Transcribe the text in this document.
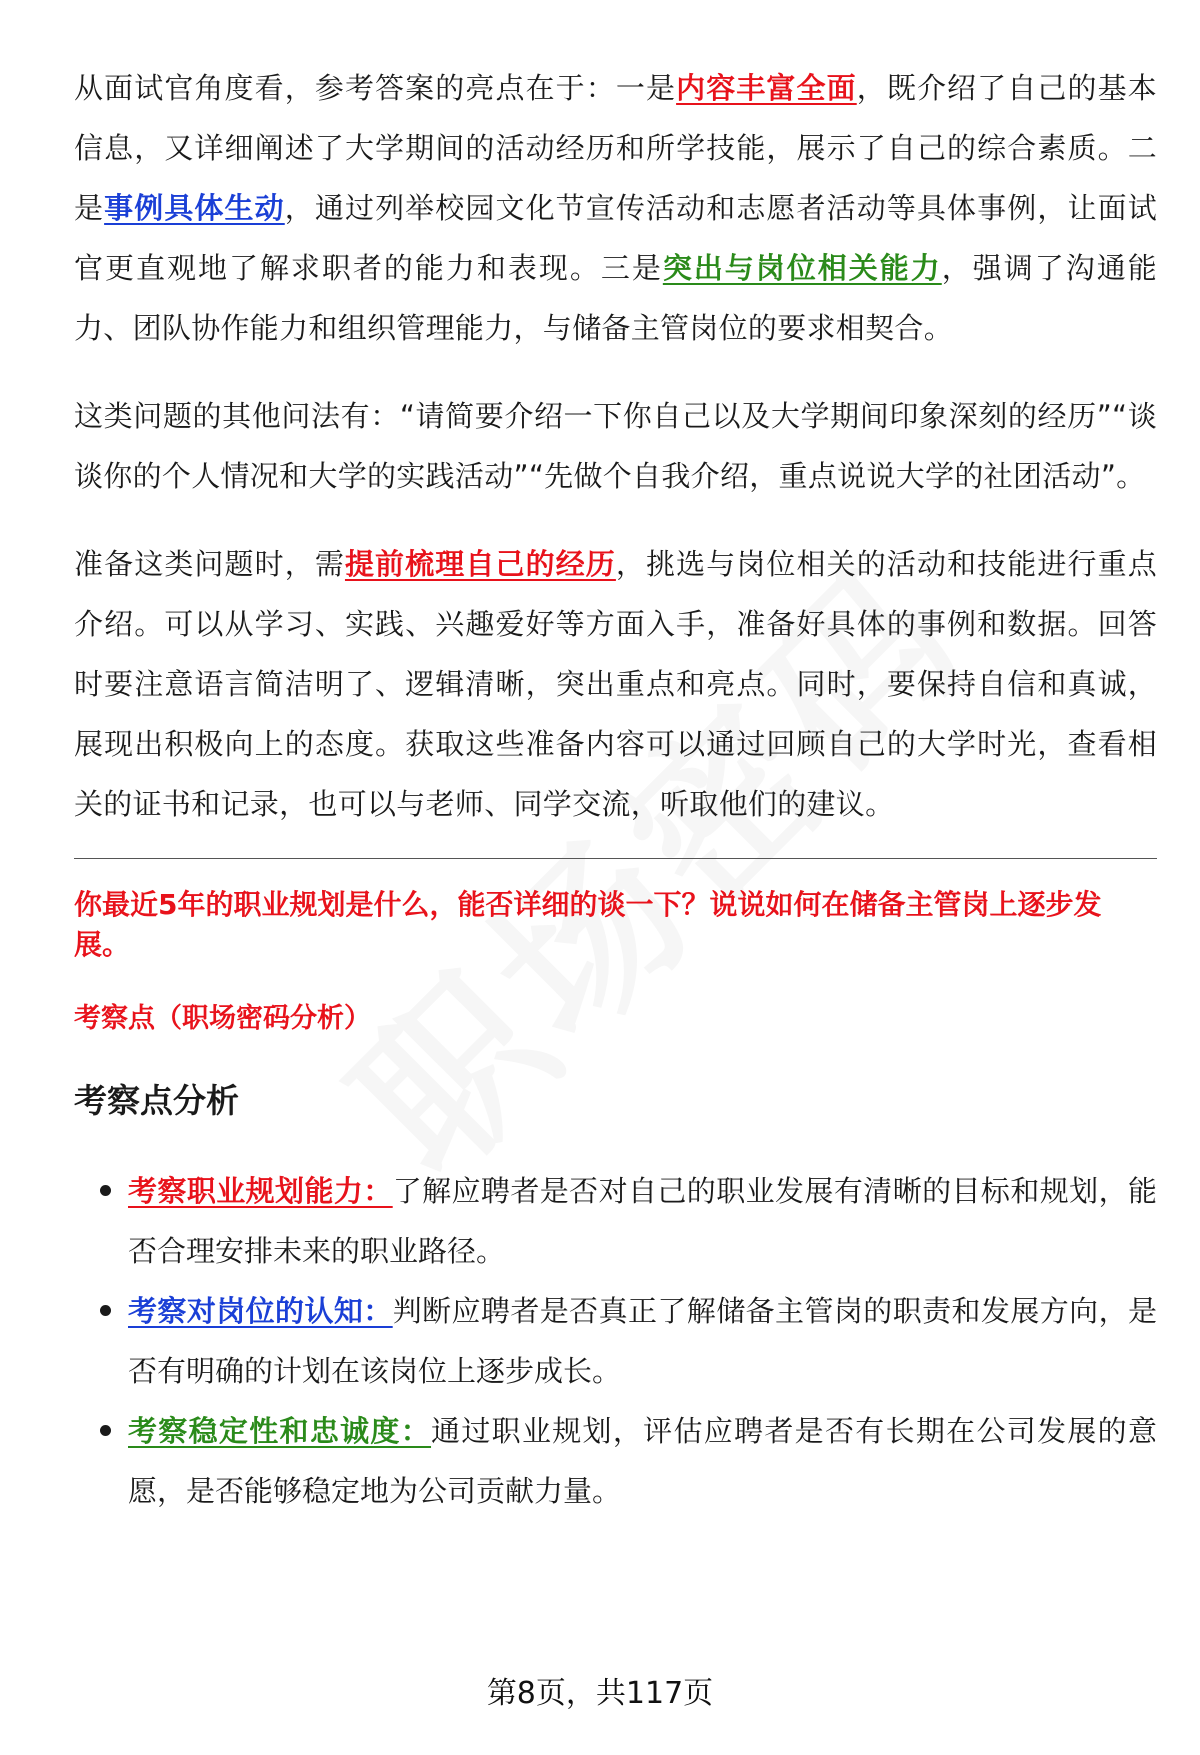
从面试官角度看，参考答案的亮点在于：一是内容丰富全面，既介绍了自己的基本信息，又详细阐述了大学期间的活动经历和所学技能，展示了自己的综合素质。二是事例具体生动，通过列举校园文化节宣传活动和志愿者活动等具体事例，让面试官更直观地了解求职者的能力和表现。三是突出与岗位相关能力，强调了沟通能力、团队协作能力和组织管理能力，与储备主管岗位的要求相契合。

这类问题的其他问法有：“请简要介绍一下你自己以及大学期间印象深刻的经历”“谈谈你的个人情况和大学的实践活动”“先做个自我介绍，重点说说大学的社团活动”。

准备这类问题时，需提前梳理自己的经历，挑选与岗位相关的活动和技能进行重点介绍。可以从学习、实践、兴趣爱好等方面入手，准备好具体的事例和数据。回答时要注意语言简洁明了、逻辑清晰，突出重点和亮点。同时，要保持自信和真诚，展现出积极向上的态度。获取这些准备内容可以通过回顾自己的大学时光，查看相关的证书和记录，也可以与老师、同学交流，听取他们的建议。

你最近5年的职业规划是什么，能否详细的谈一下？说说如何在储备主管岗上逐步发展。

考察点（职场密码分析）

考察点分析
考察职业规划能力：了解应聘者是否对自己的职业发展有清晰的目标和规划，能否合理安排未来的职业路径。
考察对岗位的认知：判断应聘者是否真正了解储备主管岗的职责和发展方向，是否有明确的计划在该岗位上逐步成长。
考察稳定性和忠诚度：通过职业规划，评估应聘者是否有长期在公司发展的意愿，是否能够稳定地为公司贡献力量。
第8页，共117页
